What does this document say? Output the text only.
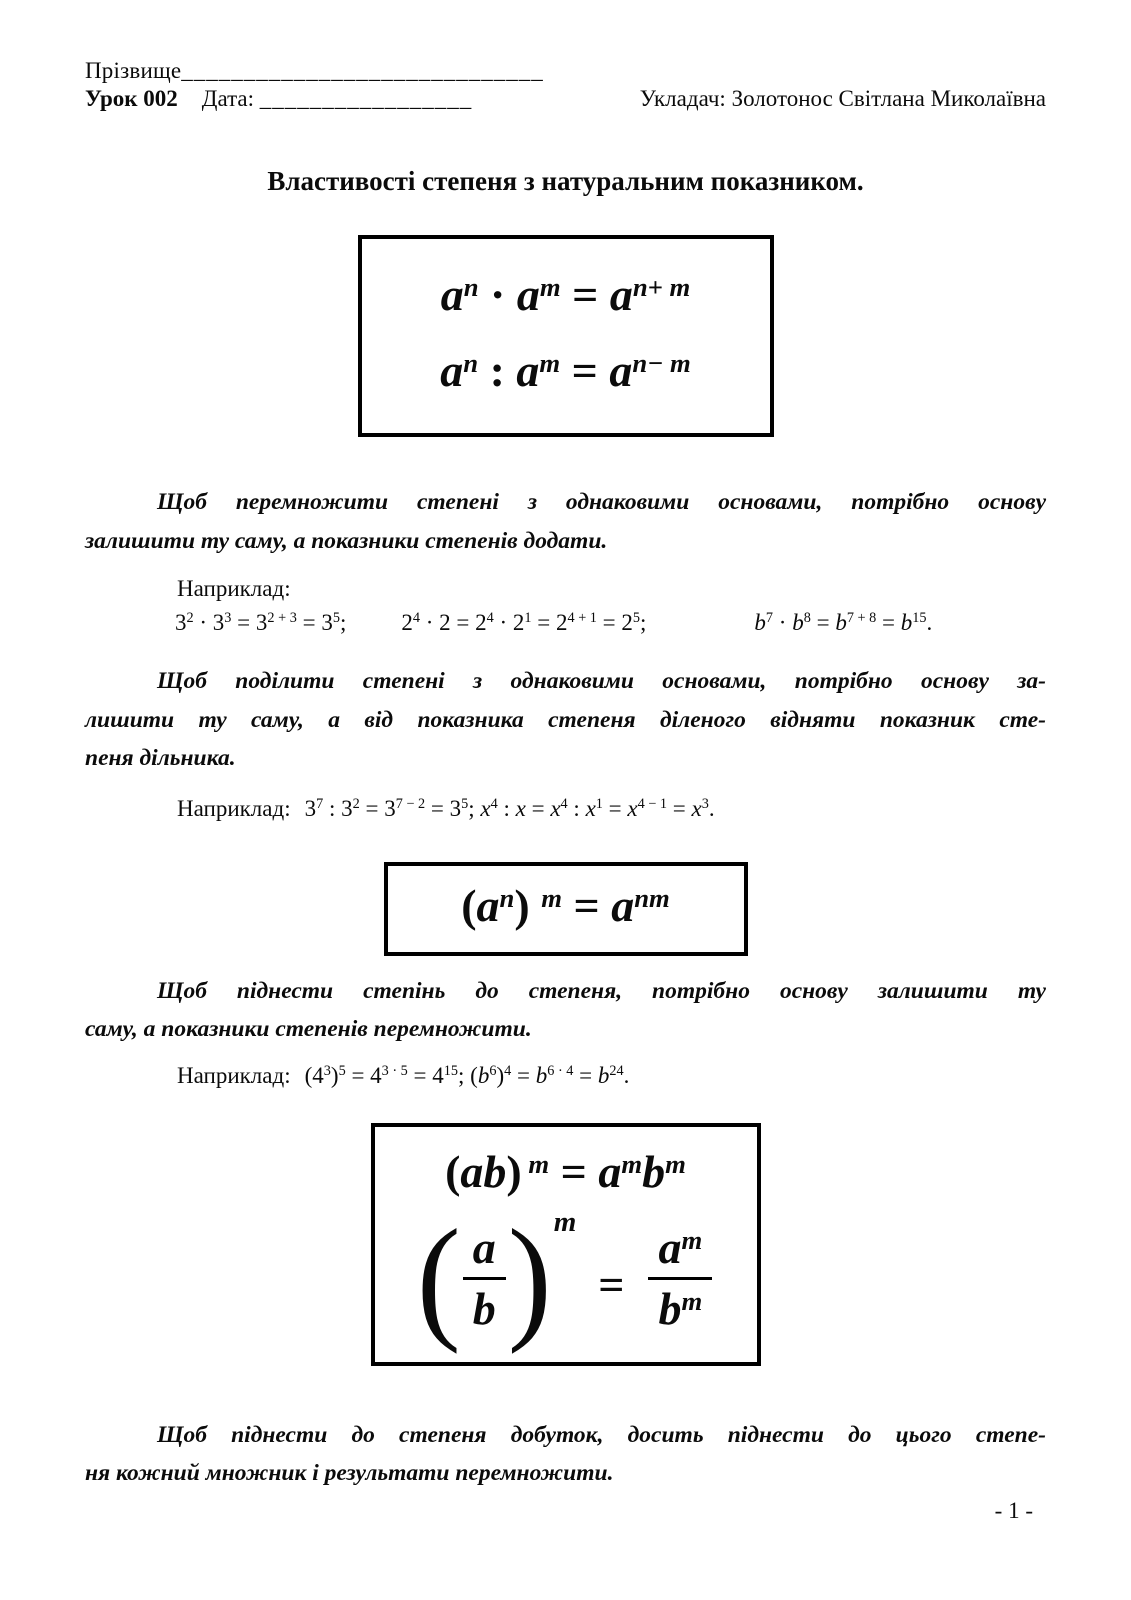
Прізвище_____________________________
Урок 002 Дата: _________________	Укладач: Золотонос Світлана Миколаївна
Властивості степеня з натуральним показником.
$a^n \cdot a^m = a^{n+ m}$
$a^n$ : $a^m = a^{n- m}$
Щоб перемножити степені з однаковими основами, потрібно основу
залишити ту саму, а показники степенів додати.
Наприклад:
$3^2 \cdot 3^3 = 3^{2 + 3} = 3^5$; $2^4 \cdot 2 = 2^4 \cdot 2^1 = 2^{4 + 1} = 2^5$;	$b^7 \cdot b^8 = b^{7 + 8} = b^{15}$.
Щоб поділити степені з однаковими основами, потрібно основу за-
лишити ту саму, а від показника степеня діленого відняти показник сте-
пеня дільника.
Наприклад: $3^7$ : $3^2 = 3^{7 - 2} = 3^5$; $x^4$ : $x = x^4$ : $x^1 = x^{4 - 1} = x^3$.
$(a^n) ^m = a^{nm}$
Щоб піднести степінь до степеня, потрібно основу залишити ту
саму, а показники степенів перемножити.
Наприклад: $(4^3)^5 = 4^{3 \cdot 5} = 4^{15}$; $(b^6)^4 = b^{6 \cdot 4} = b^{24}$.
(ab) $^m = a^mb^m$
( $\frac{a}{b}$ ) m
= $\frac{a^m}{b^m}$
Щоб піднести до степеня добуток, досить піднести до цього степе-
ня кожний множник і результати перемножити.
- 1 -
